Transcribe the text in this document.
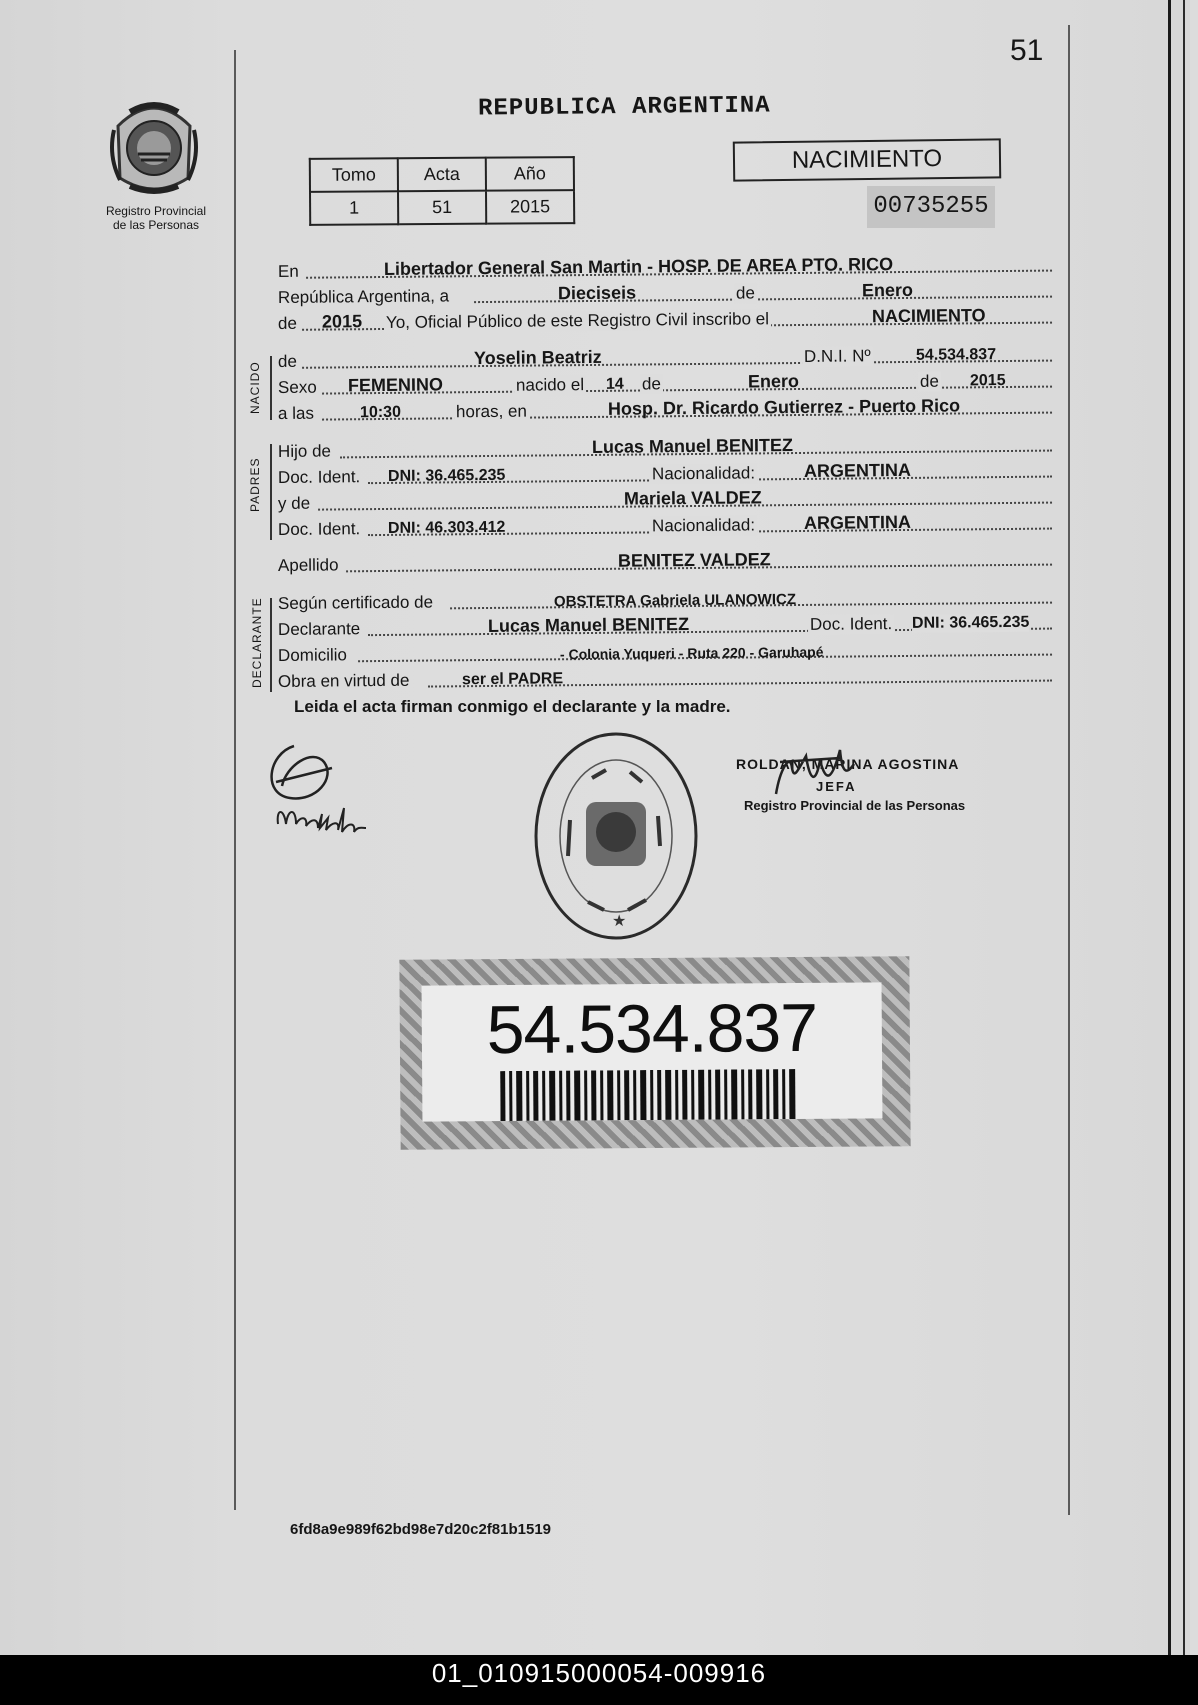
51
Registro Provincial
de las Personas
REPUBLICA ARGENTINA
Tomo	Acta	Año
1	51	2015
NACIMIENTO
00735255
En	Libertador General San Martin - HOSP. DE AREA PTO. RICO
República Argentina, a	Dieciseis	de	Enero
de 2015 Yo, Oficial Público de este Registro Civil inscribo el	NACIMIENTO
de	Yoselin Beatriz	D.N.I. Nº	54.534.837
Sexo FEMENINO	nacido el 14 de	Enero	de 2015
a las	10:30	horas, en	Hosp. Dr. Ricardo Gutierrez - Puerto Rico
Hijo de	Lucas Manuel BENITEZ
Doc. Ident. DNI: 36.465.235	Nacionalidad:	ARGENTINA
y de	Mariela VALDEZ
Doc. Ident. DNI: 46.303.412	Nacionalidad:	ARGENTINA
Apellido	BENITEZ VALDEZ
Según certificado de	OBSTETRA Gabriela ULANOWICZ
Declarante	Lucas Manuel BENITEZ	Doc. Ident. DNI: 36.465.235
Domicilio	- Colonia Yuqueri - Ruta 220 - Garuhapé
Obra en virtud de	ser el PADRE
NACIDO
PADRES
DECLARANTE
Leida el acta firman conmigo el declarante y la madre.
★
ROLDAN, MARINA AGOSTINA
JEFA
Registro Provincial de las Personas
54.534.837
6fd8a9e989f62bd98e7d20c2f81b1519
01_010915000054-009916
